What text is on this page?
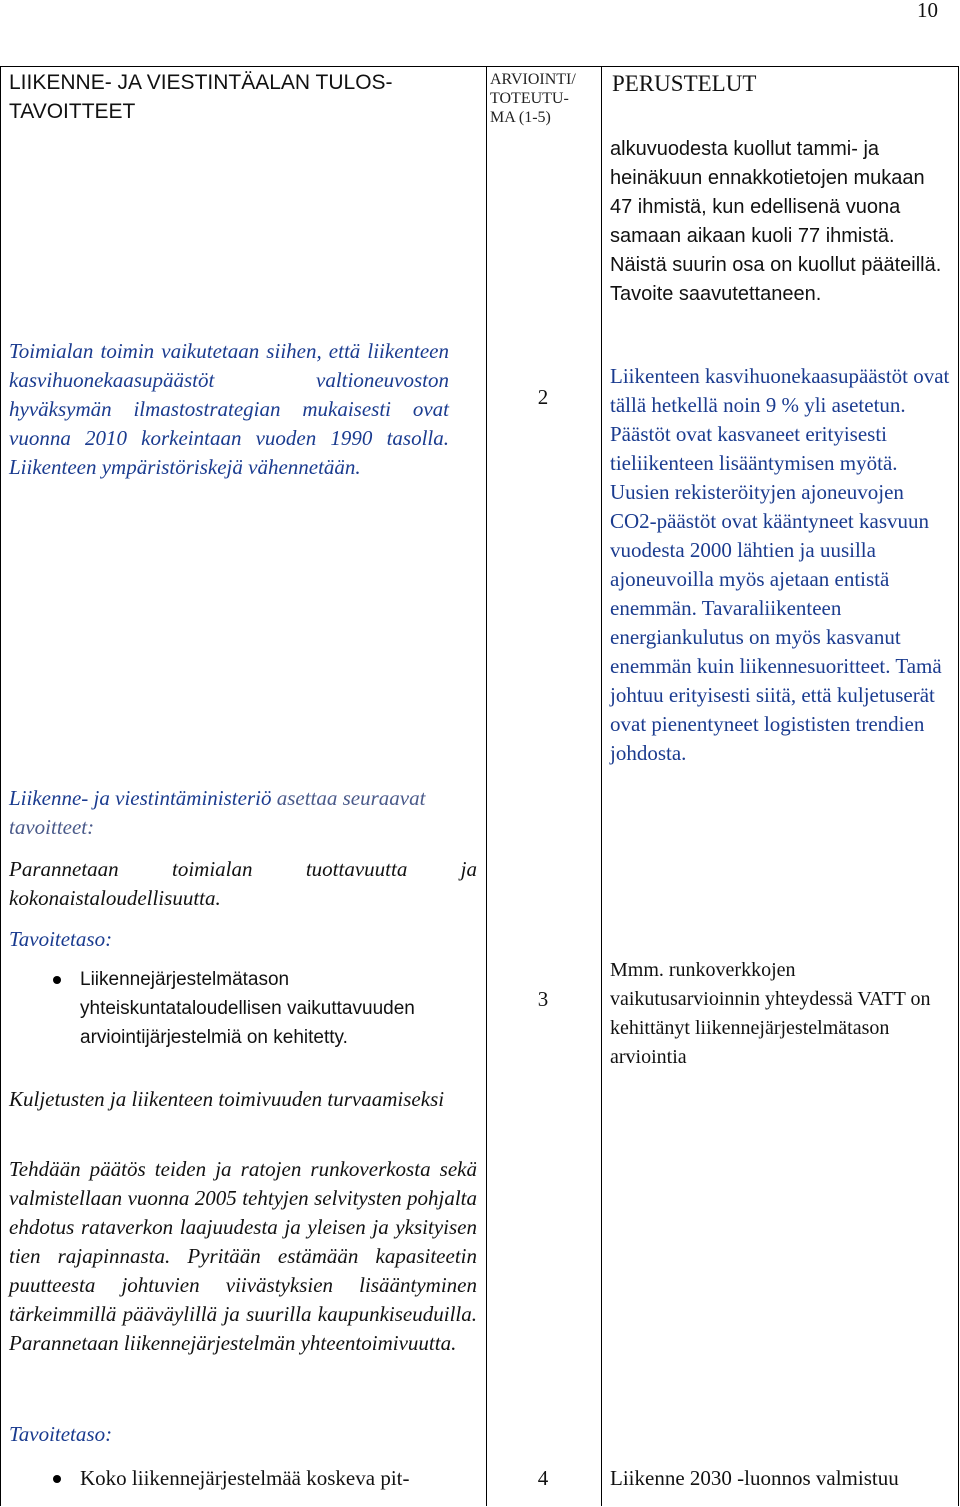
10
LIIKENNE- JA VIESTINTÄALAN TULOS-TAVOITTEET
ARVIOINTI/ TOTEUTU-MA (1-5)
PERUSTELUT
alkuvuodesta kuollut tammi- ja heinäkuun ennakkotietojen mukaan 47 ihmistä, kun edellisenä vuona samaan aikaan kuoli 77 ihmistä. Näistä suurin osa on kuollut pääteillä. Tavoite saavutettaneen.
Liikenteen kasvihuonekaasupäästöt ovat tällä hetkellä noin 9 % yli asetetun. Päästöt ovat kasvaneet erityisesti tieliikenteen lisääntymisen myötä. Uusien rekisteröityjen ajoneuvojen CO2-päästöt ovat kääntyneet kasvuun vuodesta 2000 lähtien ja uusilla ajoneuvoilla myös ajetaan entistä enemmän. Tavaraliikenteen energiankulutus on myös kasvanut enemmän kuin liikennesuoritteet. Tamä johtuu erityisesti siitä, että kuljetuserät ovat pienentyneet logististen trendien johdosta.
Mmm. runkoverkkojen vaikutusarvioinnin yhteydessä VATT on kehittänyt liikennejärjestelmätason arviointia
Liikenne 2030 -luonnos valmistuu
2
3
4
Toimialan toimin vaikutetaan siihen, että liikenteen kasvihuonekaasupäästöt valtioneuvoston hyväksymän ilmastostrategian mukaisesti ovat vuonna 2010 korkeintaan vuoden 1990 tasolla. Liikenteen ympäristöriskejä vähennetään.
Liikenne- ja viestintäministeriö asettaa seuraavat tavoitteet:
Parannetaan toimialan tuottavuutta ja kokonaistaloudellisuutta.
Tavoitetaso:
Liikennejärjestelmätason yhteiskuntataloudellisen vaikuttavuuden arviointijärjestelmiä on kehitetty.
Kuljetusten ja liikenteen toimivuuden turvaamiseksi
Tehdään päätös teiden ja ratojen runkoverkosta sekä valmistellaan vuonna 2005 tehtyjen selvitysten pohjalta ehdotus rataverkon laajuudesta ja yleisen ja yksityisen tien rajapinnasta. Pyritään estämään kapasiteetin puutteesta johtuvien viivästyksien lisääntyminen tärkeimmillä pääväylillä ja suurilla kaupunkiseuduilla. Parannetaan liikennejärjestelmän yhteentoimivuutta.
Tavoitetaso:
Koko liikennejärjestelmää koskeva pit-
